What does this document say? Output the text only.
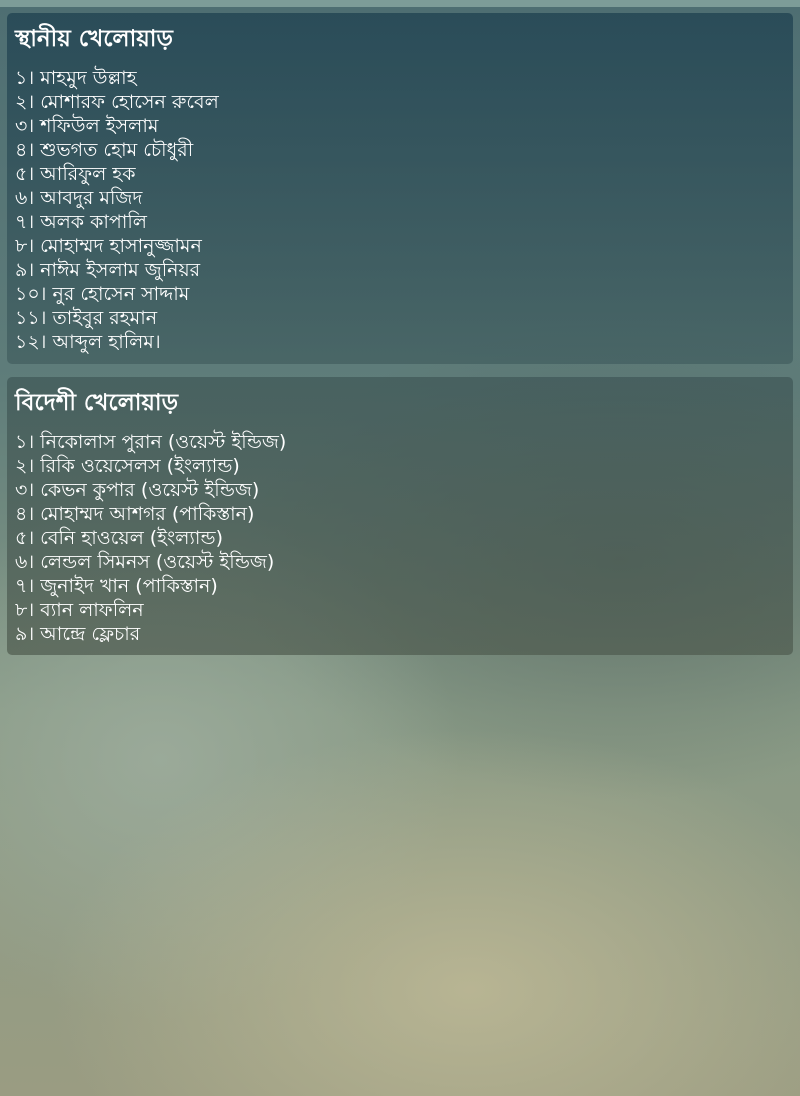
স্থানীয় খেলোয়াড়
১। মাহমুদ উল্লাহ
২। মোশারফ হোসেন রুবেল
৩। শফিউল ইসলাম
৪। শুভগত হোম চৌধুরী
৫। আরিফুল হক
৬। আবদুর মজিদ
৭। অলক কাপালি
৮। মোহাম্মদ হাসানুজ্জামন
৯। নাঈম ইসলাম জুনিয়র
১০। নুর হোসেন সাদ্দাম
১১। তাইবুর রহমান
১২। আব্দুল হালিম।
বিদেশী খেলোয়াড়
১। নিকোলাস পুরান (ওয়েস্ট ইন্ডিজ)
২। রিকি ওয়েসেলস (ইংল্যান্ড)
৩। কেভন কুপার (ওয়েস্ট ইন্ডিজ)
৪। মোহাম্মদ আশগর (পাকিস্তান)
৫। বেনি হাওয়েল (ইংল্যান্ড)
৬। লেন্ডল সিমনস (ওয়েস্ট ইন্ডিজ)
৭। জুনাইদ খান (পাকিস্তান)
৮। ব্যান লাফলিন
৯। আন্দ্রে ফ্লেচার
